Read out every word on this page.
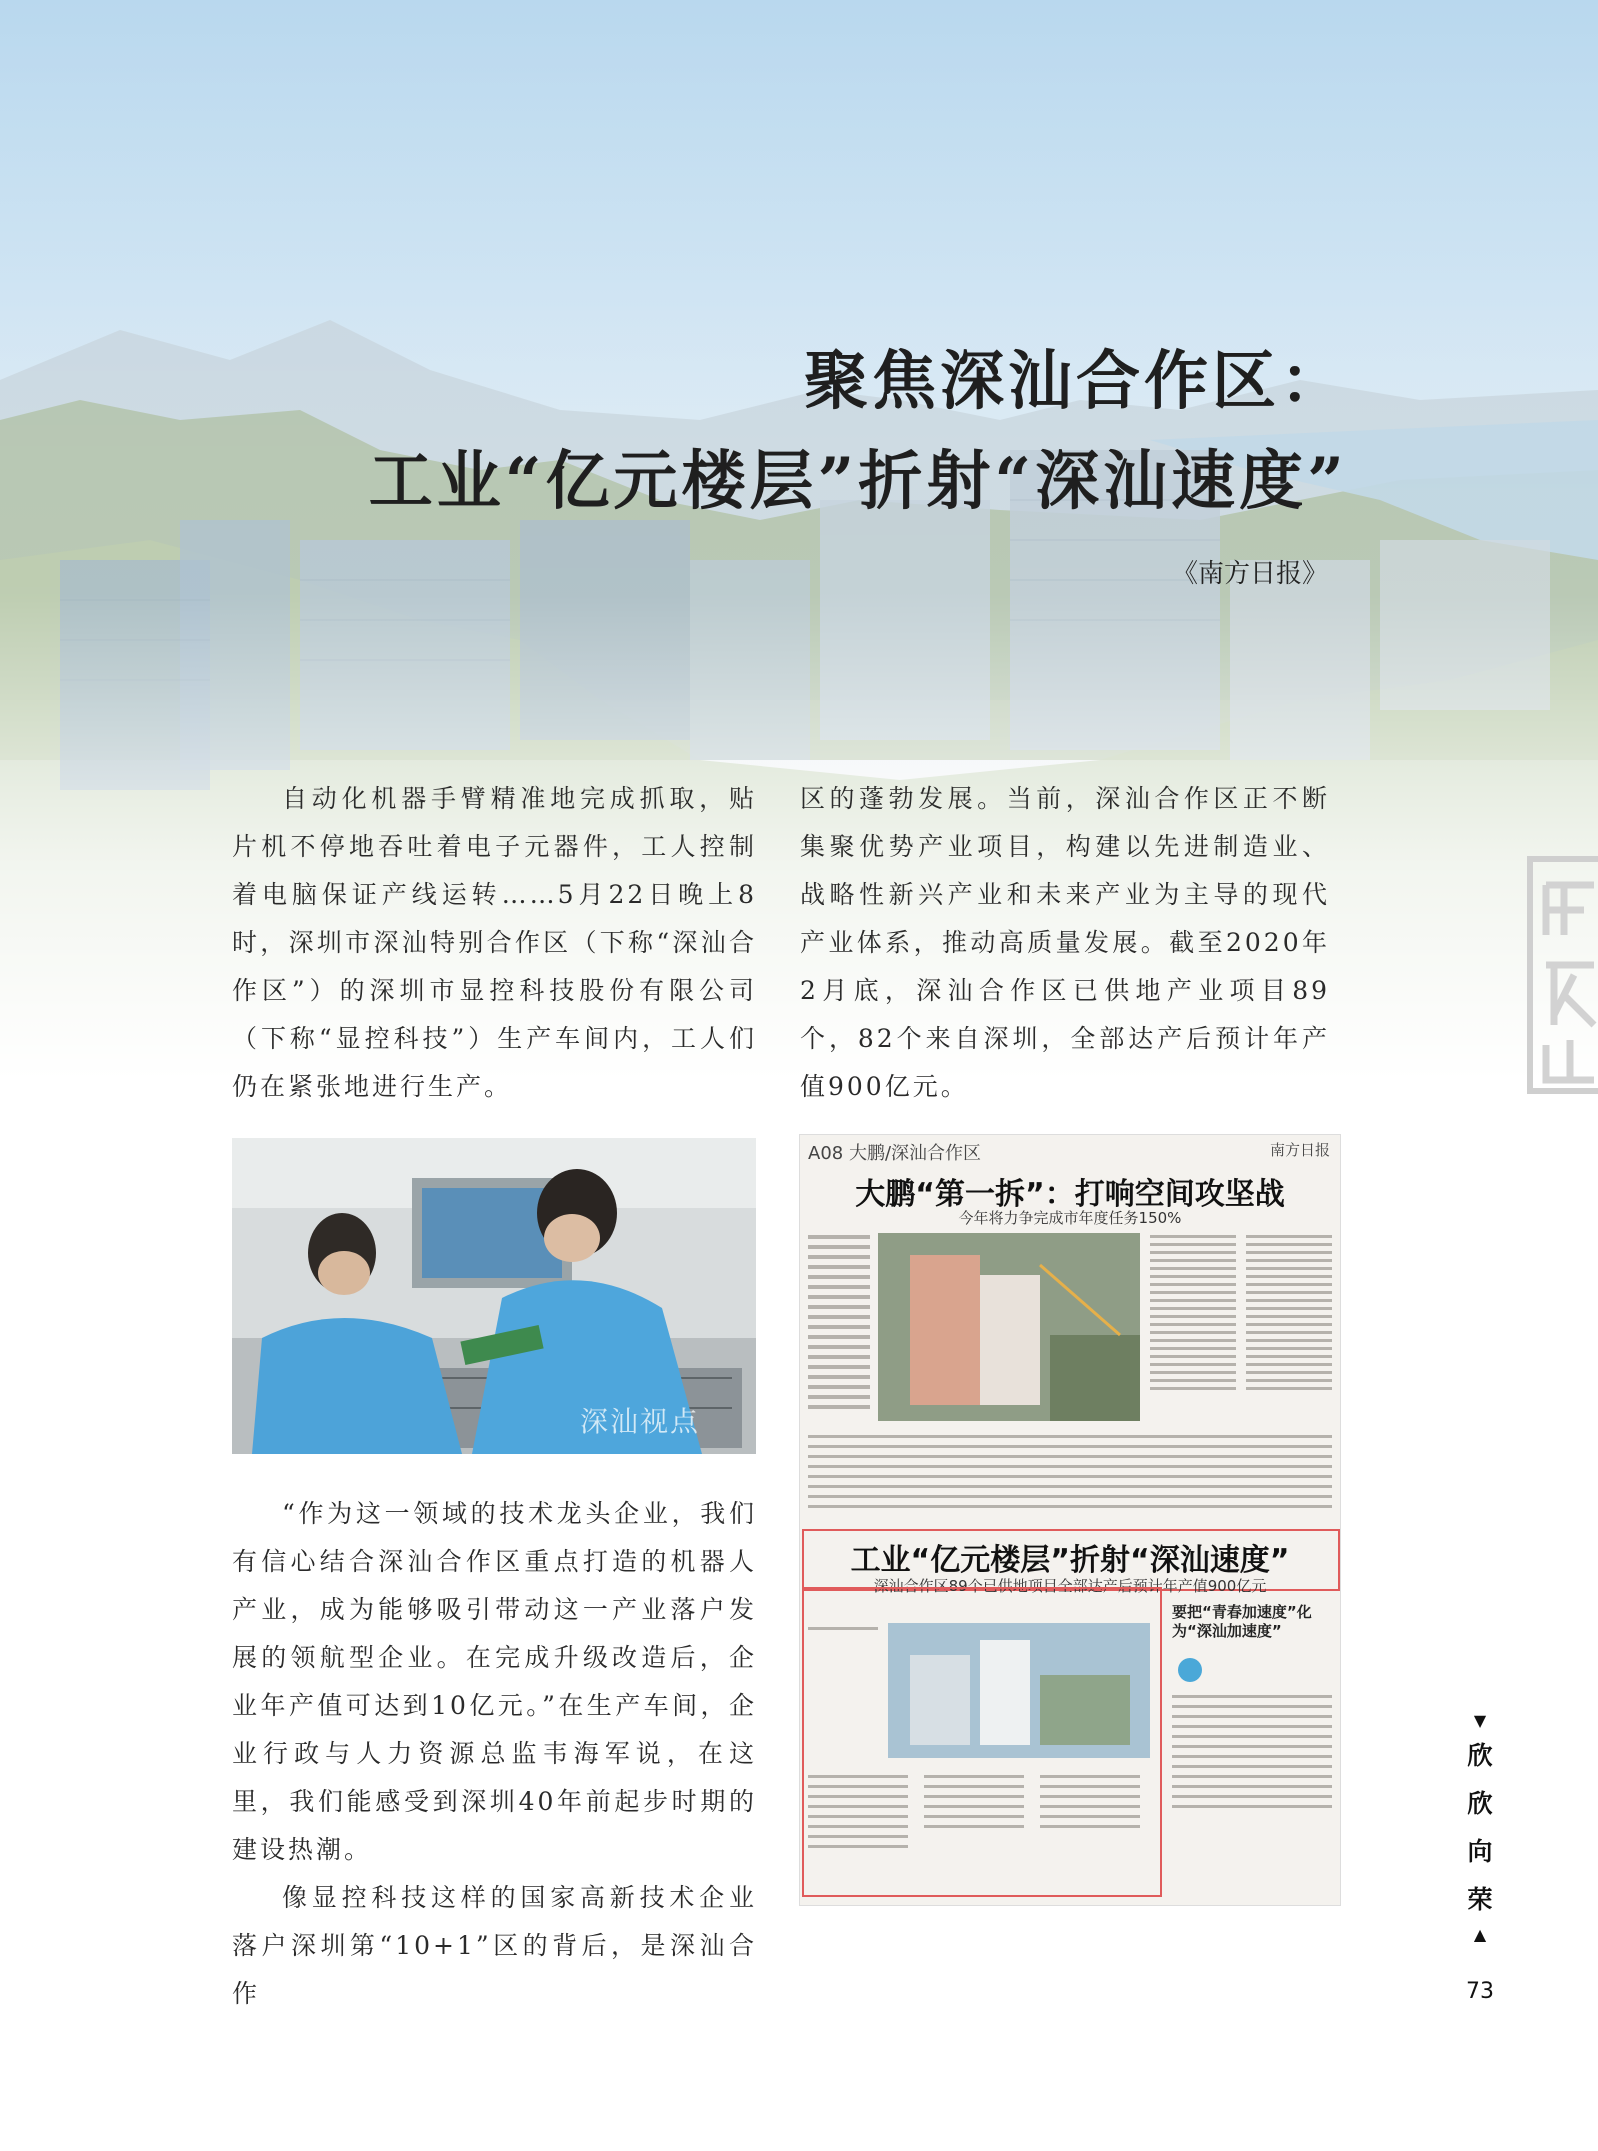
聚焦深汕合作区：
工业“亿元楼层”折射“深汕速度”
《南方日报》

自动化机器手臂精准地完成抓取，贴片机不停地吞吐着电子元器件，工人控制着电脑保证产线运转……5月22日晚上8时，深圳市深汕特别合作区（下称“深汕合作区”）的深圳市显控科技股份有限公司（下称“显控科技”）生产车间内，工人们仍在紧张地进行生产。

区的蓬勃发展。当前，深汕合作区正不断集聚优势产业项目，构建以先进制造业、战略性新兴产业和未来产业为主导的现代产业体系，推动高质量发展。截至2020年2月底，深汕合作区已供地产业项目89个，82个来自深圳，全部达产后预计年产值900亿元。

深汕视点

“作为这一领域的技术龙头企业，我们有信心结合深汕合作区重点打造的机器人产业，成为能够吸引带动这一产业落户发展的领航型企业。在完成升级改造后，企业年产值可达到10亿元。”在生产车间，企业行政与人力资源总监韦海军说，在这里，我们能感受到深圳40年前起步时期的建设热潮。

像显控科技这样的国家高新技术企业落户深圳第“10+1”区的背后，是深汕合作

A08 大鹏/深汕合作区	南方日报
大鹏“第一拆”：打响空间攻坚战
今年将力争完成市年度任务150%
工业“亿元楼层”折射“深汕速度”
深汕合作区89个已供地项目全部达产后预计年产值900亿元
要把“青春加速度”化为“深汕加速度”
▼
欣
欣
向
荣
▲
73
